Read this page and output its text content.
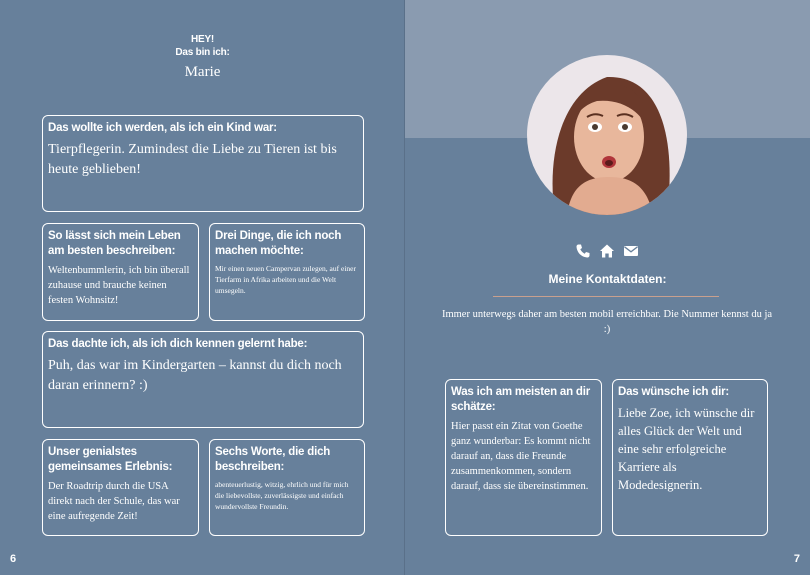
HEY!
Das bin ich:
Marie
Das wollte ich werden, als ich ein Kind war:
Tierpflegerin. Zumindest die Liebe zu Tieren ist bis heute geblieben!
So lässt sich mein Leben am besten beschreiben:
Weltenbummlerin, ich bin überall zuhause und brauche keinen festen Wohnsitz!
Drei Dinge, die ich noch machen möchte:
Mir einen neuen Campervan zulegen, auf einer Tierfarm in Afrika arbeiten und die Welt umsegeln.
Das dachte ich, als ich dich kennen gelernt habe:
Puh, das war im Kindergarten – kannst du dich noch daran erinnern? :)
Unser genialstes gemeinsames Erlebnis:
Der Roadtrip durch die USA direkt nach der Schule, das war eine aufregende Zeit!
Sechs Worte, die dich beschreiben:
abenteuerlustig, witzig, ehrlich und für mich die liebevollste, zuverlässigste und einfach wundervollste Freundin.
6	7
Meine Kontaktdaten:
Immer unterwegs daher am besten mobil erreichbar. Die Nummer kennst du ja :)
Was ich am meisten an dir schätze:
Hier passt ein Zitat von Goethe ganz wunderbar: Es kommt nicht darauf an, dass die Freunde zusammenkommen, sondern darauf, dass sie übereinstimmen.
Das wünsche ich dir:
Liebe Zoe, ich wünsche dir alles Glück der Welt und eine sehr erfolgreiche Karriere als Modedesignerin.
